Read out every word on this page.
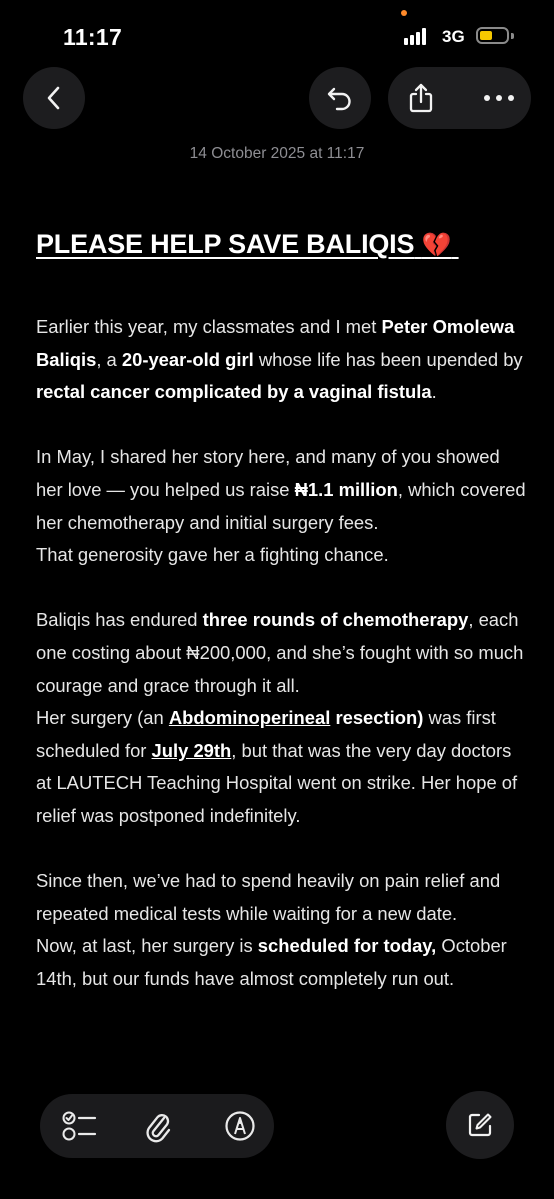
11:17	3G
14 October 2025 at 11:17
PLEASE HELP SAVE BALIQIS 💔

Earlier this year, my classmates and I met Peter Omolewa Baliqis, a 20-year-old girl whose life has been upended by rectal cancer complicated by a vaginal fistula.

In May, I shared her story here, and many of you showed her love — you helped us raise ₦1.1 million, which covered her chemotherapy and initial surgery fees.
That generosity gave her a fighting chance.

Baliqis has endured three rounds of chemotherapy, each one costing about ₦200,000, and she’s fought with so much courage and grace through it all.
Her surgery (an Abdominoperineal resection) was first scheduled for July 29th, but that was the very day doctors at LAUTECH Teaching Hospital went on strike. Her hope of relief was postponed indefinitely.

Since then, we’ve had to spend heavily on pain relief and repeated medical tests while waiting for a new date.
Now, at last, her surgery is scheduled for today, October 14th, but our funds have almost completely run out.
